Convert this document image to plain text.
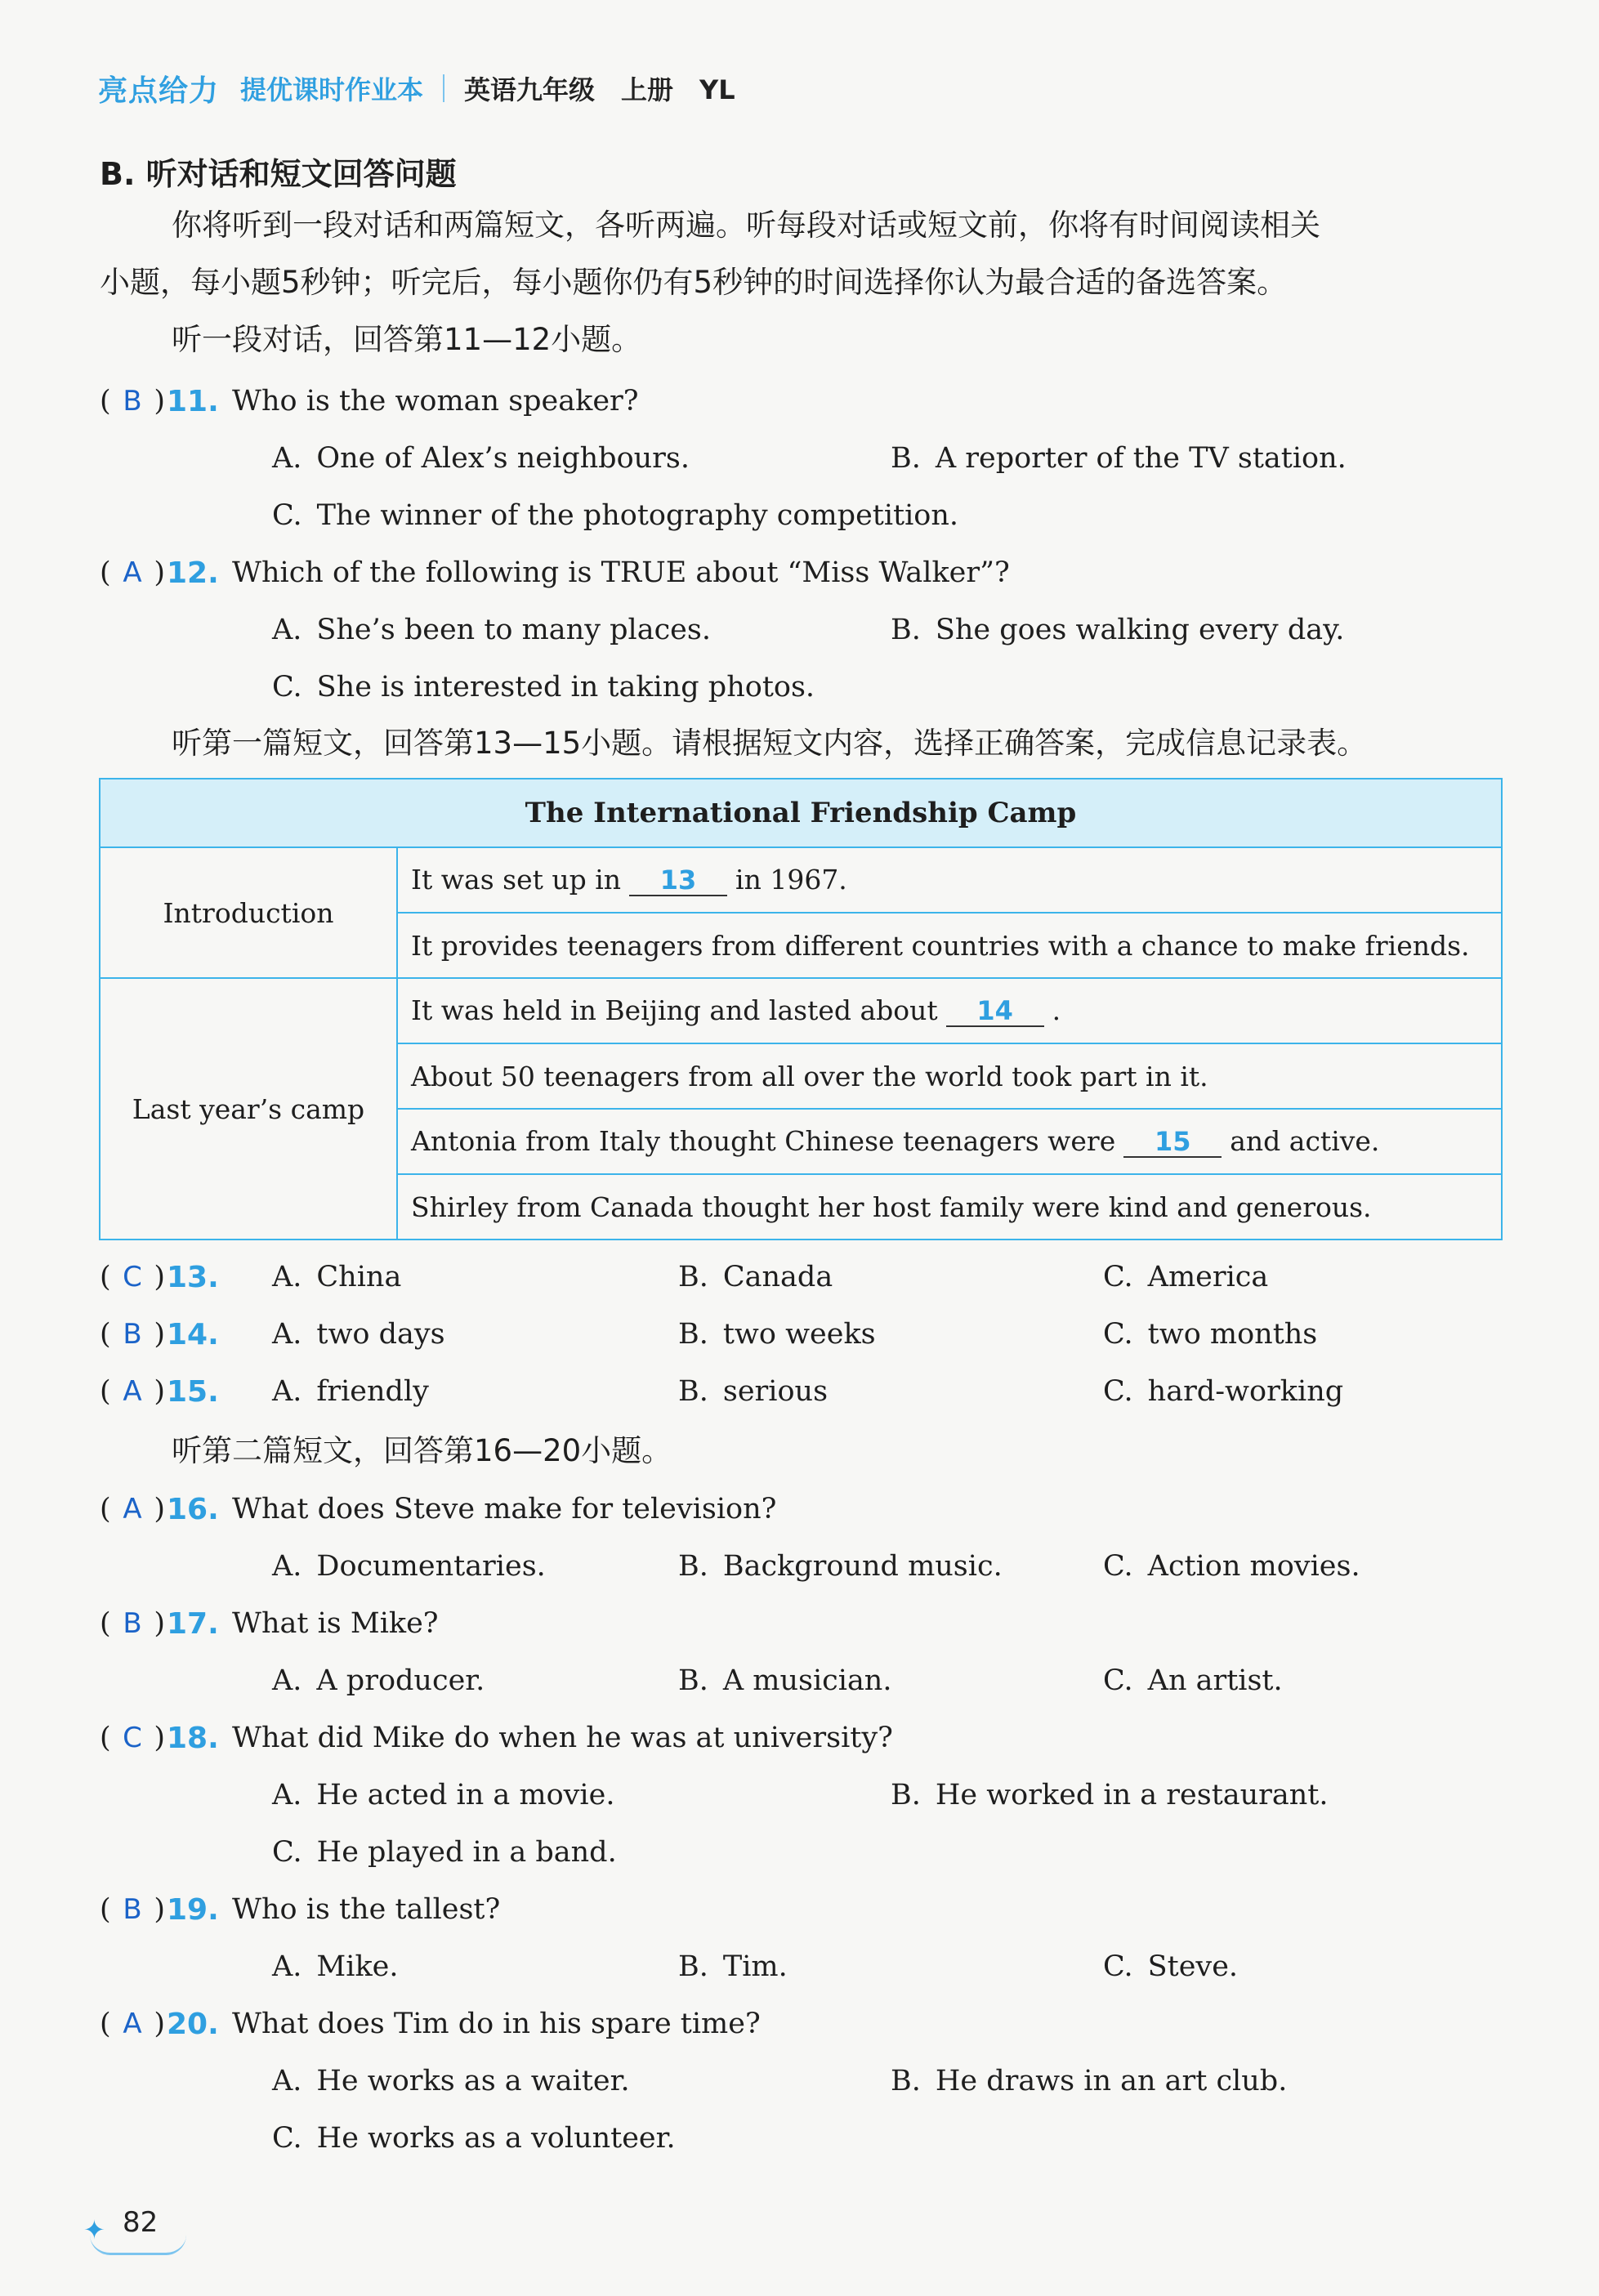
亮点给力 提优课时作业本 英语九年级　上册　YL
B. 听对话和短文回答问题
你将听到一段对话和两篇短文，各听两遍。听每段对话或短文前，你将有时间阅读相关
小题，每小题5秒钟；听完后，每小题你仍有5秒钟的时间选择你认为最合适的备选答案。
听一段对话，回答第11—12小题。
( B ) 11. Who is the woman speaker?
A. One of Alex’s neighbours.	B. A reporter of the TV station.
C. The winner of the photography competition.
( A ) 12. Which of the following is TRUE about “Miss Walker”?
A. She’s been to many places.	B. She goes walking every day.
C. She is interested in taking photos.
听第一篇短文，回答第13—15小题。请根据短文内容，选择正确答案，完成信息记录表。
The International Friendship Camp	
Introduction	It was set up in 13 in 1967.
	It provides teenagers from different countries with a chance to make friends.
Last year’s camp	It was held in Beijing and lasted about 14 .
	About 50 teenagers from all over the world took part in it.
	Antonia from Italy thought Chinese teenagers were 15 and active.
	Shirley from Canada thought her host family were kind and generous.
( C ) 13. A. China	B. Canada	C. America
( B ) 14. A. two days	B. two weeks	C. two months
( A ) 15. A. friendly	B. serious	C. hard-working
听第二篇短文，回答第16—20小题。
( A ) 16. What does Steve make for television?
A. Documentaries.	B. Background music.	C. Action movies.
( B ) 17. What is Mike?
A. A producer.	B. A musician.	C. An artist.
( C ) 18. What did Mike do when he was at university?
A. He acted in a movie.	B. He worked in a restaurant.
C. He played in a band.
( B ) 19. Who is the tallest?
A. Mike.	B. Tim.	C. Steve.
( A ) 20. What does Tim do in his spare time?
A. He works as a waiter.	B. He draws in an art club.
C. He works as a volunteer.
✦ 82
